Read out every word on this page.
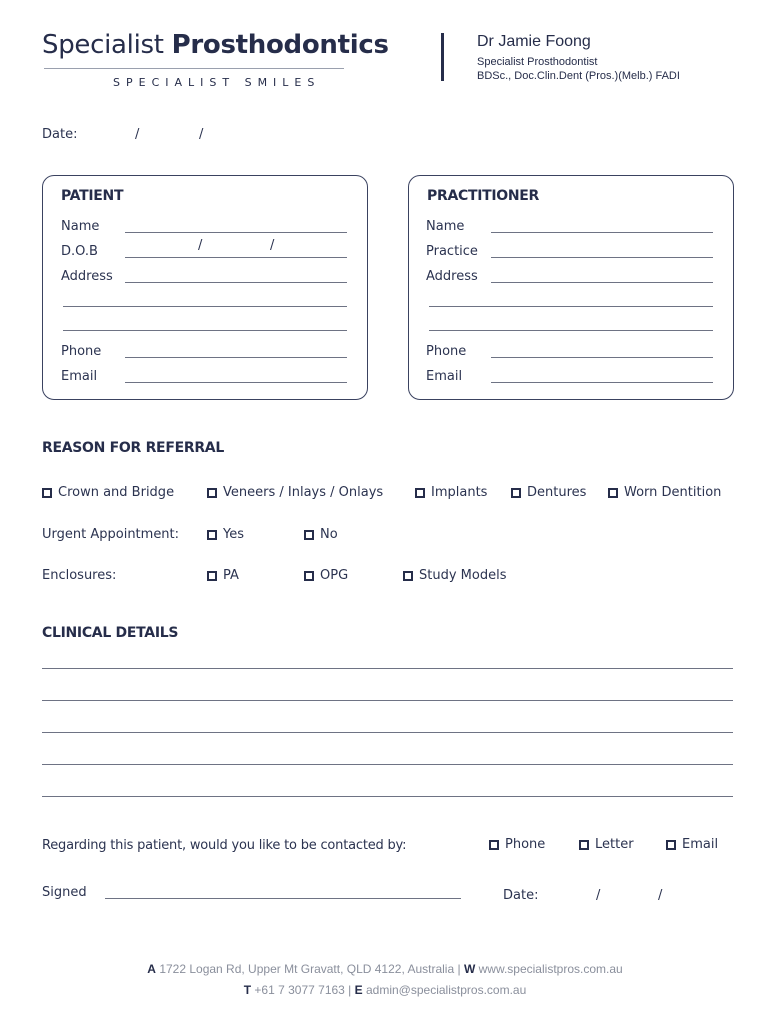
Specialist Prosthodontics
SPECIALIST SMILES
Dr Jamie Foong
Specialist Prosthodontist
BDSc., Doc.Clin.Dent (Pros.)(Melb.) FADI
Date:	/	/
PATIENT
Name
D.O.B	/	/
Address
Phone
Email
PRACTITIONER
Name
Practice
Address
Phone
Email
REASON FOR REFERRAL
Crown and Bridge	Veneers / Inlays / Onlays	Implants	Dentures	Worn Dentition
Urgent Appointment:	Yes	No
Enclosures:	PA	OPG	Study Models
CLINICAL DETAILS
Regarding this patient, would you like to be contacted by:	Phone	Letter	Email
Signed	Date:	/	/
A 1722 Logan Rd, Upper Mt Gravatt, QLD 4122, Australia | W www.specialistpros.com.au
T +61 7 3077 7163 | E admin@specialistpros.com.au
